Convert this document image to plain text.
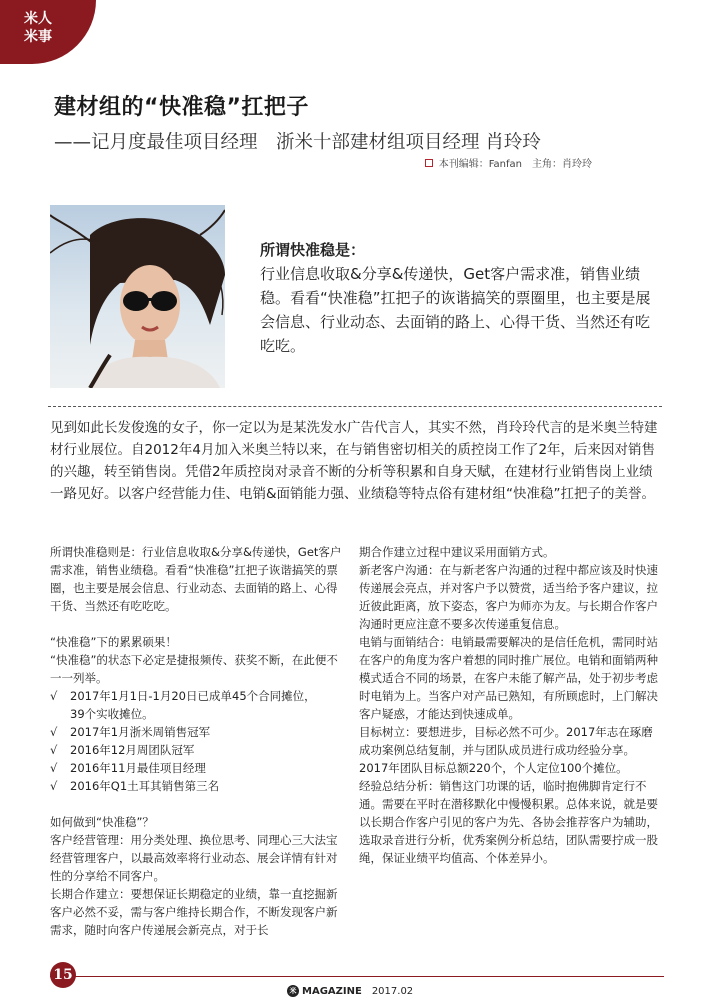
米人
米事
建材组的“快准稳”扛把子
——记月度最佳项目经理　浙米十部建材组项目经理 肖玲玲
本刊编辑：Fanfan　主角：肖玲玲
所谓快准稳是：
行业信息收取&分享&传递快，Get客户需求准，销售业绩稳。看看“快准稳”扛把子的诙谐搞笑的票圈里，也主要是展会信息、行业动态、去面销的路上、心得干货、当然还有吃吃吃。
见到如此长发俊逸的女子，你一定以为是某洗发水广告代言人，其实不然，肖玲玲代言的是米奥兰特建材行业展位。自2012年4月加入米奥兰特以来，在与销售密切相关的质控岗工作了2年，后来因对销售的兴趣，转至销售岗。凭借2年质控岗对录音不断的分析等积累和自身天赋，在建材行业销售岗上业绩一路见好。以客户经营能力佳、电销&面销能力强、业绩稳等特点俗有建材组“快准稳”扛把子的美誉。

所谓快准稳则是：行业信息收取&分享&传递快，Get客户需求准，销售业绩稳。看看“快准稳”扛把子诙谐搞笑的票圈，也主要是展会信息、行业动态、去面销的路上、心得干货、当然还有吃吃吃。

“快准稳”下的累累硕果！

“快准稳”的状态下必定是捷报频传、获奖不断，在此便不一一列举。

√ 2017年1月1日-1月20日已成单45个合同摊位，
39个实收摊位。
√ 2017年1月浙米周销售冠军
√ 2016年12月周团队冠军
√ 2016年11月最佳项目经理
√ 2016年Q1土耳其销售第三名

如何做到“快准稳”？

客户经营管理：用分类处理、换位思考、同理心三大法宝经营管理客户，以最高效率将行业动态、展会详情有针对性的分享给不同客户。

长期合作建立：要想保证长期稳定的业绩，靠一直挖掘新客户必然不妥，需与客户维持长期合作，不断发现客户新需求，随时向客户传递展会新亮点，对于长

期合作建立过程中建议采用面销方式。

新老客户沟通：在与新老客户沟通的过程中都应该及时快速传递展会亮点，并对客户予以赞赏，适当给予客户建议，拉近彼此距离，放下姿态，客户为师亦为友。与长期合作客户沟通时更应注意不要多次传递重复信息。

电销与面销结合：电销最需要解决的是信任危机，需同时站在客户的角度为客户着想的同时推广展位。电销和面销两种模式适合不同的场景，在客户未能了解产品，处于初步考虑时电销为上。当客户对产品已熟知，有所顾虑时，上门解决客户疑惑，才能达到快速成单。

目标树立：要想进步，目标必然不可少。2017年志在琢磨成功案例总结复制，并与团队成员进行成功经验分享。2017年团队目标总额220个，个人定位100个摊位。

经验总结分析：销售这门功课的话，临时抱佛脚肯定行不通。需要在平时在潜移默化中慢慢积累。总体来说，就是要以长期合作客户引见的客户为先、各协会推荐客户为辅助，选取录音进行分析，优秀案例分析总结，团队需要拧成一股绳，保证业绩平均值高、个体差异小。

15
米 MAGAZINE 2017.02
